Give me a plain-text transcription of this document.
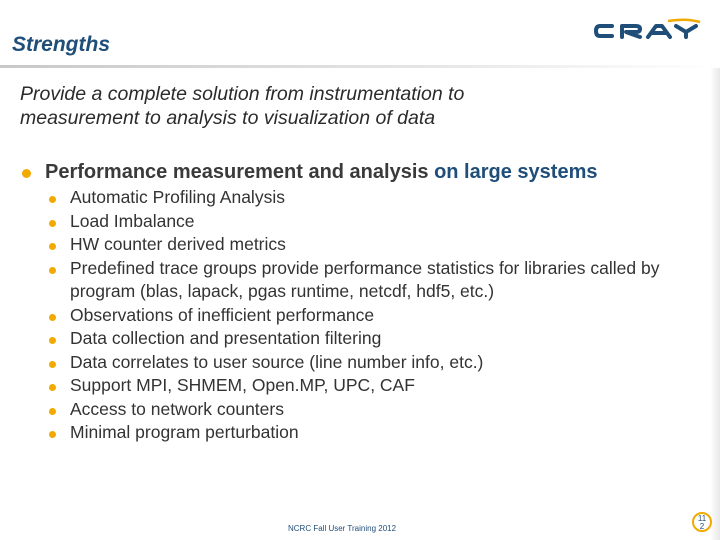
Strengths
Provide a complete solution from instrumentation to
measurement to analysis to visualization of data
Performance measurement and analysis on large systems
Automatic Profiling Analysis
Load Imbalance
HW counter derived metrics
Predefined trace groups provide performance statistics for libraries called by program (blas, lapack, pgas runtime, netcdf, hdf5, etc.)
Observations of inefficient performance
Data collection and presentation filtering
Data correlates to user source (line number info, etc.)
Support MPI, SHMEM, Open.MP, UPC, CAF
Access to network counters
Minimal program perturbation
NCRC Fall User Training 2012
11
2
